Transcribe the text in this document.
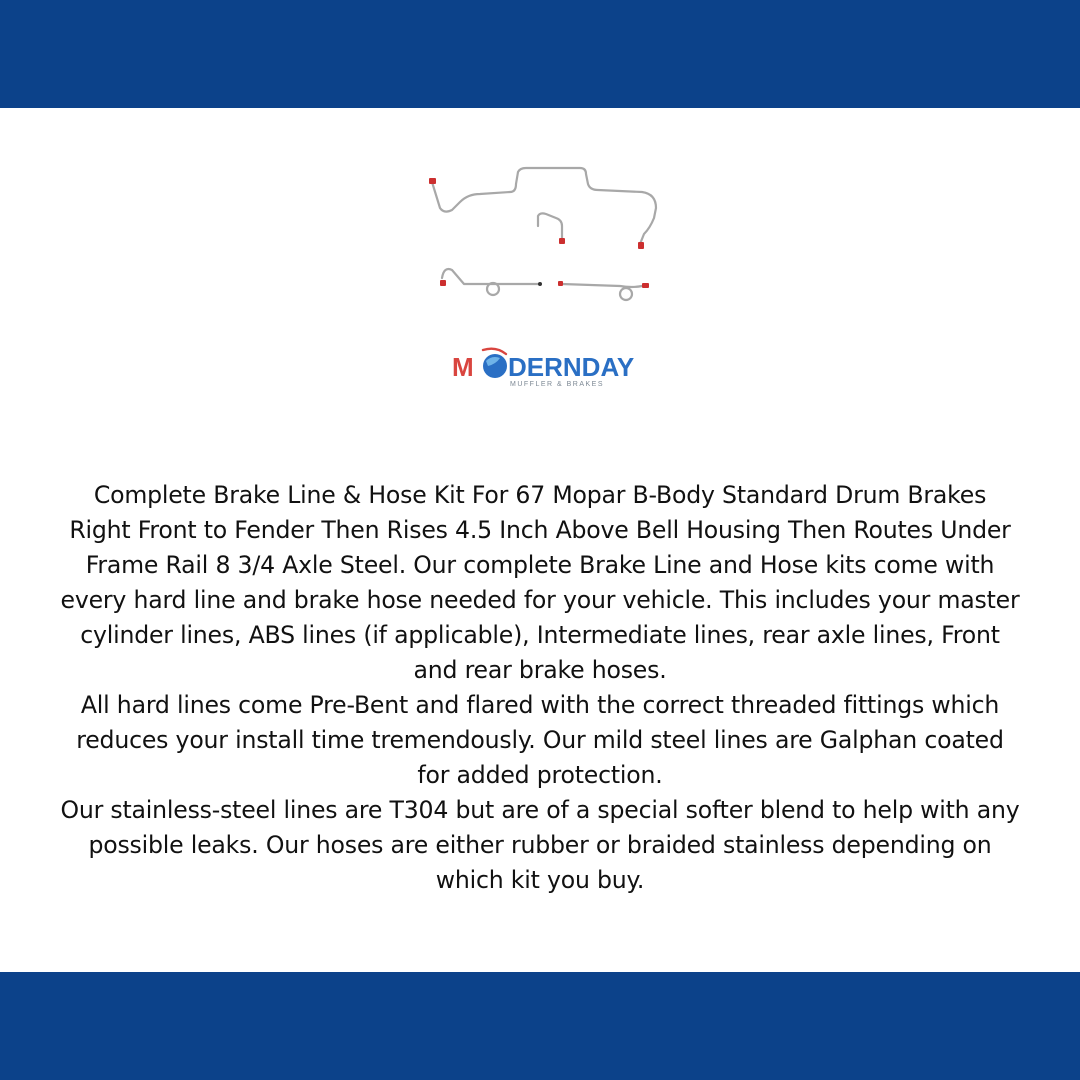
M DERNDAY
MUFFLER & BRAKES

Complete Brake Line & Hose Kit For 67 Mopar B-Body Standard Drum Brakes Right Front to Fender Then Rises 4.5 Inch Above Bell Housing Then Routes Under Frame Rail 8 3/4 Axle Steel. Our complete Brake Line and Hose kits come with every hard line and brake hose needed for your vehicle. This includes your master cylinder lines, ABS lines (if applicable), Intermediate lines, rear axle lines, Front and rear brake hoses.

All hard lines come Pre-Bent and flared with the correct threaded fittings which reduces your install time tremendously. Our mild steel lines are Galphan coated for added protection.

Our stainless-steel lines are T304 but are of a special softer blend to help with any possible leaks. Our hoses are either rubber or braided stainless depending on which kit you buy.
